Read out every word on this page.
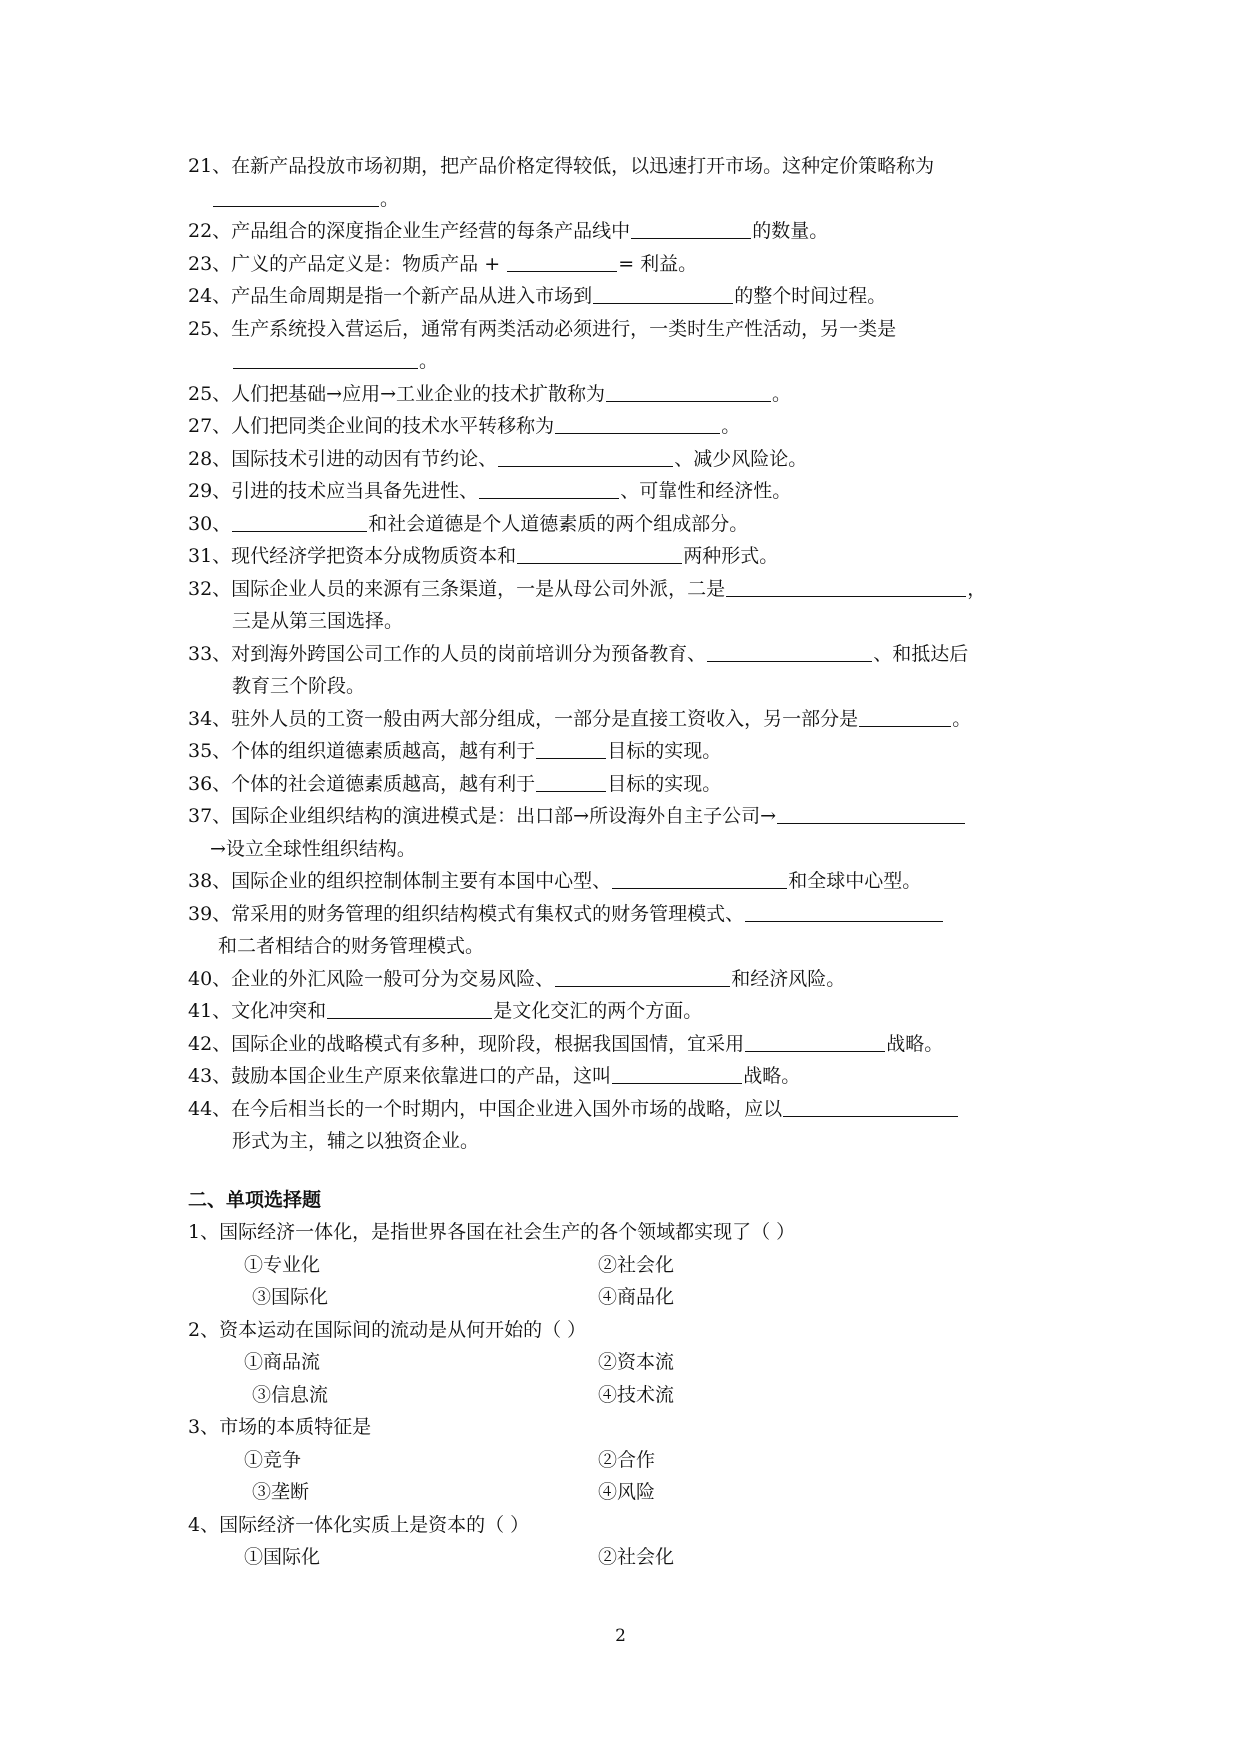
21、在新产品投放市场初期，把产品价格定得较低，以迅速打开市场。这种定价策略称为
。
22、产品组合的深度指企业生产经营的每条产品线中	的数量。
23、广义的产品定义是：物质产品 +	= 利益。
24、产品生命周期是指一个新产品从进入市场到	的整个时间过程。
25、生产系统投入营运后，通常有两类活动必须进行，一类时生产性活动，另一类是
。
25、人们把基础→应用→工业企业的技术扩散称为	。
27、人们把同类企业间的技术水平转移称为	。
28、国际技术引进的动因有节约论、	、减少风险论。
29、引进的技术应当具备先进性、	、可靠性和经济性。
30、	和社会道德是个人道德素质的两个组成部分。
31、现代经济学把资本分成物质资本和	两种形式。
32、国际企业人员的来源有三条渠道，一是从母公司外派，二是	，
三是从第三国选择。
33、对到海外跨国公司工作的人员的岗前培训分为预备教育、	、和抵达后
教育三个阶段。
34、驻外人员的工资一般由两大部分组成，一部分是直接工资收入，另一部分是	。
35、个体的组织道德素质越高，越有利于	目标的实现。
36、个体的社会道德素质越高，越有利于	目标的实现。
37、国际企业组织结构的演进模式是：出口部→所设海外自主子公司→
→设立全球性组织结构。
38、国际企业的组织控制体制主要有本国中心型、	和全球中心型。
39、常采用的财务管理的组织结构模式有集权式的财务管理模式、
和二者相结合的财务管理模式。
40、企业的外汇风险一般可分为交易风险、	和经济风险。
41、文化冲突和	是文化交汇的两个方面。
42、国际企业的战略模式有多种，现阶段，根据我国国情，宜采用	战略。
43、鼓励本国企业生产原来依靠进口的产品，这叫	战略。
44、在今后相当长的一个时期内，中国企业进入国外市场的战略，应以
形式为主，辅之以独资企业。
二、单项选择题
1、国际经济一体化，是指世界各国在社会生产的各个领域都实现了（ ）
①专业化	②社会化
③国际化	④商品化
2、资本运动在国际间的流动是从何开始的（ ）
①商品流	②资本流
③信息流	④技术流
3、市场的本质特征是
①竞争	②合作
③垄断	④风险
4、国际经济一体化实质上是资本的（ ）
①国际化	②社会化
2
